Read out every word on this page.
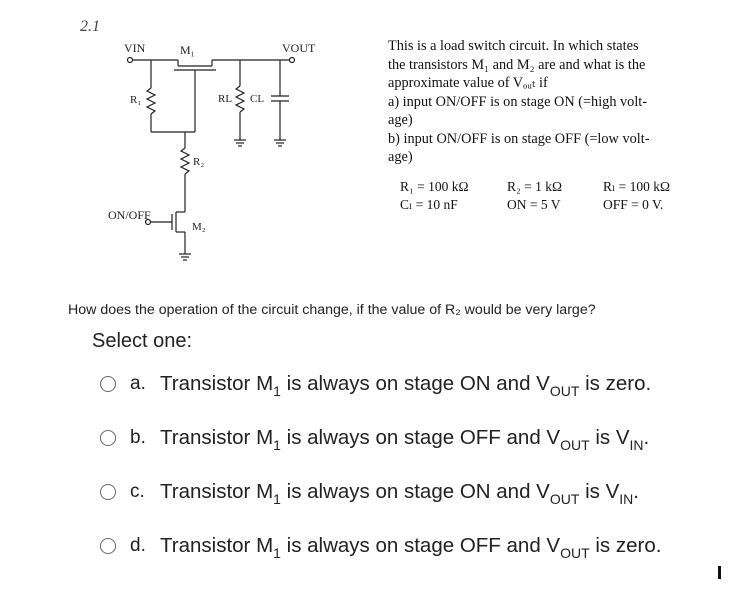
2.1
VIN	M₁	VOUT
R₁	RL CL
R₂
ON/OFF
M₂
This is a load switch circuit. In which states
the transistors M₁ and M₂ are and what is the
approximate value of Vₒᵤₜ if
a) input ON/OFF is on stage ON (=high volt-
age)
b) input ON/OFF is on stage OFF (=low volt-
age)
R₁ = 100 kΩ	R₂ = 1 kΩ	Rₗ = 100 kΩ
Cₗ = 10 nF	ON = 5 V	OFF = 0 V.
How does the operation of the circuit change, if the value of R₂ would be very large?
Select one:
a. Transistor $M_1$ is always on stage ON and $V_{OUT}$ is zero.
b. Transistor $M_1$ is always on stage OFF and $V_{OUT}$ is $V_{IN}$.
c. Transistor $M_1$ is always on stage ON and $V_{OUT}$ is $V_{IN}$.
d. Transistor $M_1$ is always on stage OFF and $V_{OUT}$ is zero.
